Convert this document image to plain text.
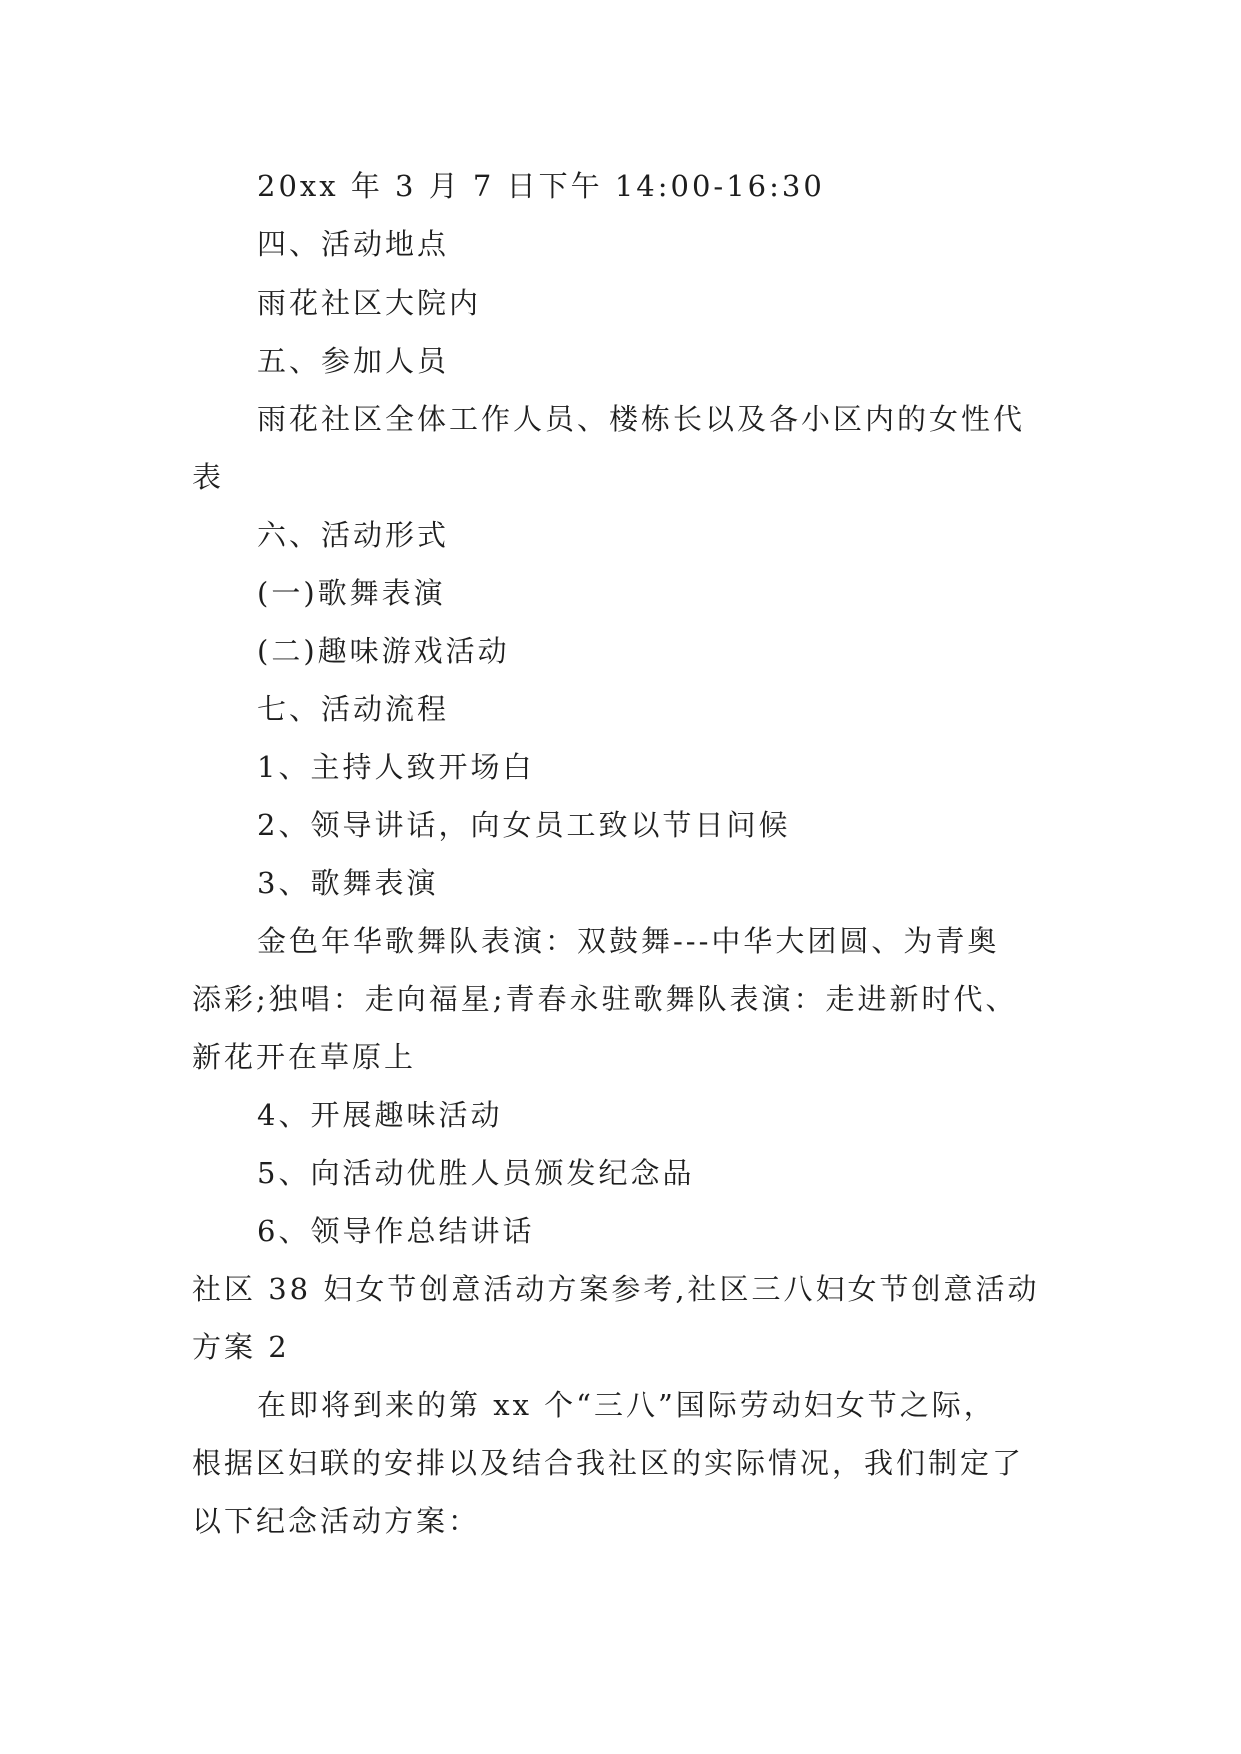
20xx 年 3 月 7 日下午 14:00-16:30
四、活动地点
雨花社区大院内
五、参加人员
雨花社区全体工作人员、楼栋长以及各小区内的女性代
表
六、活动形式
(一)歌舞表演
(二)趣味游戏活动
七、活动流程
1、主持人致开场白
2、领导讲话，向女员工致以节日问候
3、歌舞表演
金色年华歌舞队表演：双鼓舞---中华大团圆、为青奥
添彩;独唱：走向福星;青春永驻歌舞队表演：走进新时代、
新花开在草原上
4、开展趣味活动
5、向活动优胜人员颁发纪念品
6、领导作总结讲话
社区 38 妇女节创意活动方案参考,社区三八妇女节创意活动
方案 2
在即将到来的第 xx 个“三八”国际劳动妇女节之际，
根据区妇联的安排以及结合我社区的实际情况，我们制定了
以下纪念活动方案：
